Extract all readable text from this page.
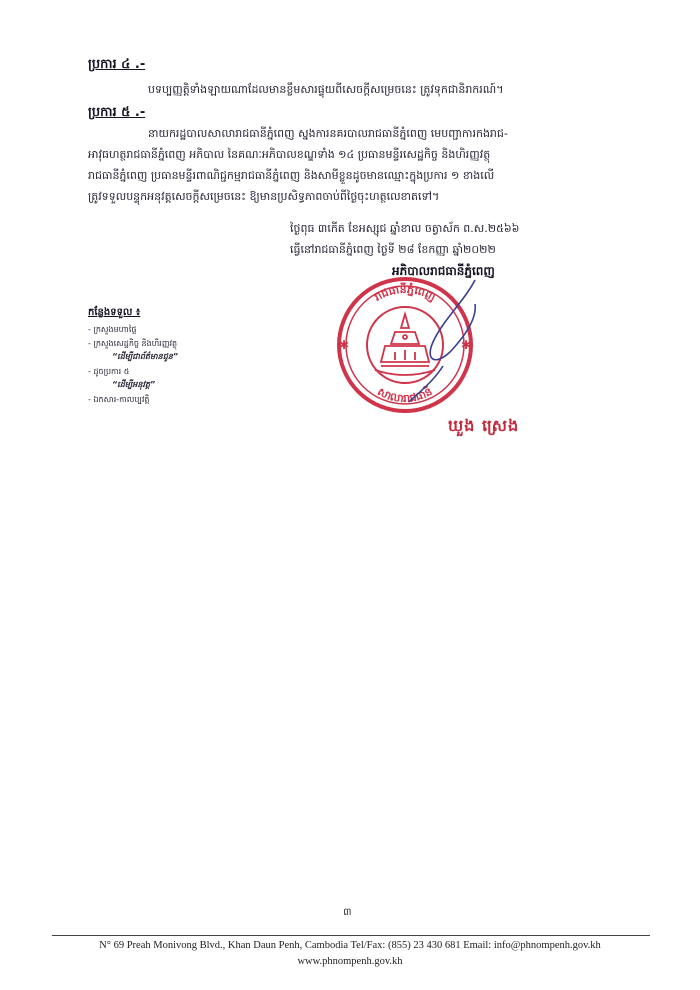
ប្រការ ៤ .-
បទប្បញ្ញត្តិទាំងឡាយណាដែលមានខ្លឹមសារផ្ទុយពីសេចក្ដីសម្រេចនេះ ត្រូវទុកជានិរាករណ៍។
ប្រការ ៥ .-
នាយករដ្ឋបាលសាលារាជធានីភ្នំពេញ ស្នងការនគរបាលរាជធានីភ្នំពេញ មេបញ្ជាការកងរាជ-
អាវុធហត្ថរាជធានីភ្នំពេញ អភិបាល នៃគណៈអភិបាលខណ្ឌទាំង ១៤ ប្រធានមន្ទីរសេដ្ឋកិច្ច និងហិរញ្ញវត្ថុ
រាជធានីភ្នំពេញ ប្រធានមន្ទីរពាណិជ្ជកម្មរាជធានីភ្នំពេញ និងសាមីខ្លួនដូចមានឈ្មោះក្នុងប្រការ ១ ខាងលើ
ត្រូវទទួលបន្ទុកអនុវត្តសេចក្ដីសម្រេចនេះ ឱ្យមានប្រសិទ្ធភាពចាប់ពីថ្ងៃចុះហត្ថលេខាតទៅ។
ថ្ងៃពុធ ៣កើត ខែអស្សុជ ឆ្នាំខាល ចត្វាស័ក ព.ស.២៥៦៦
ធ្វើនៅរាជធានីភ្នំពេញ ថ្ងៃទី ២៨ ខែកញ្ញា ឆ្នាំ២០២២
អភិបាលរាជធានីភ្នំពេញ
រាជធានីភ្នំពេញ
សាលារាជធានី
✱	✱
ឃួង ស្រេង
កន្លែងទទួល ៖
- ក្រសួងមហាផ្ទៃ
- ក្រសួងសេដ្ឋកិច្ច និងហិរញ្ញវត្ថុ
“ដើម្បីជាព័ត៌មានជូន”
- ដូចប្រការ ៥
“ដើម្បីអនុវត្ត”
- ឯកសារ-កាលប្បវត្តិ
៣
N° 69 Preah Monivong Blvd., Khan Daun Penh, Cambodia Tel/Fax: (855) 23 430 681 Email: info@phnompenh.gov.kh
www.phnompenh.gov.kh
